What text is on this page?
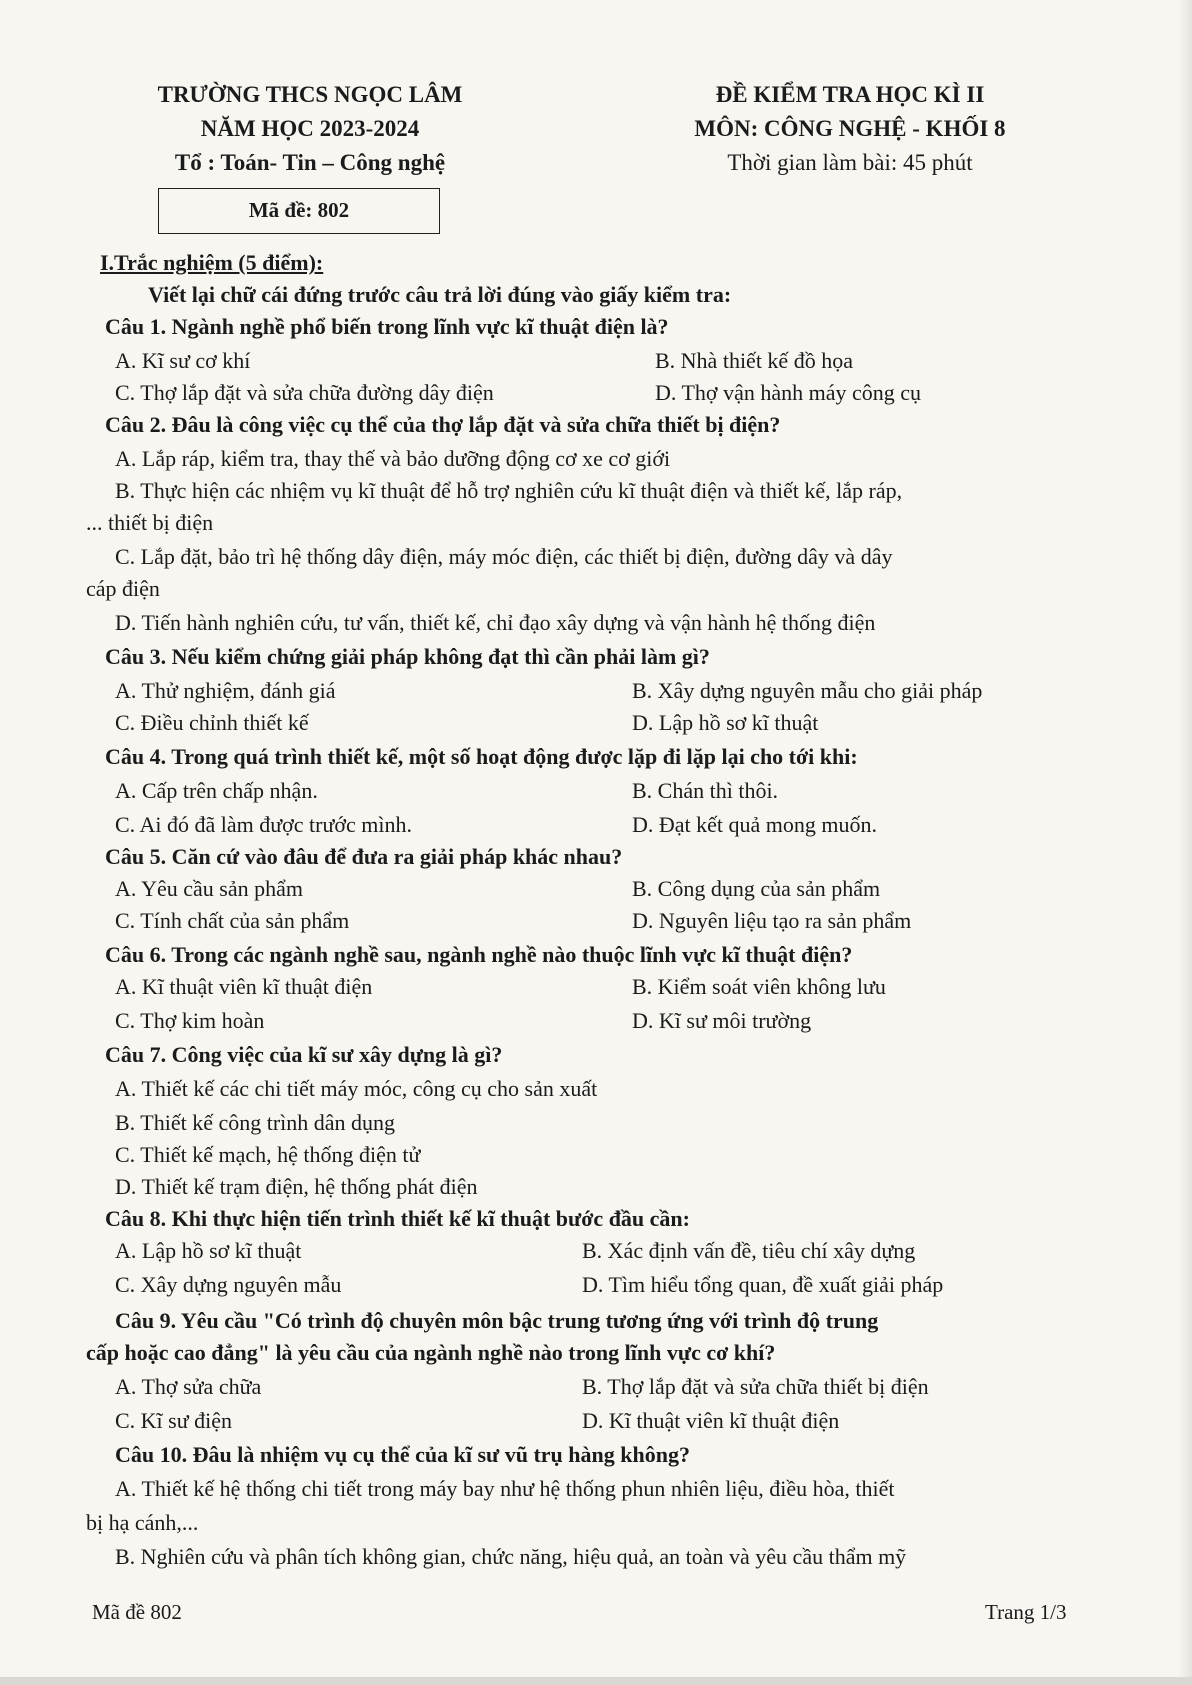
TRƯỜNG THCS NGỌC LÂM
NĂM HỌC 2023-2024
Tổ : Toán- Tin – Công nghệ
Mã đề: 802
ĐỀ KIỂM TRA HỌC KÌ II
MÔN: CÔNG NGHỆ - KHỐI 8
Thời gian làm bài: 45 phút
I.Trắc nghiệm (5 điểm):
Viết lại chữ cái đứng trước câu trả lời đúng vào giấy kiểm tra:
Câu 1. Ngành nghề phổ biến trong lĩnh vực kĩ thuật điện là?
A. Kĩ sư cơ khí	B. Nhà thiết kế đồ họa
C. Thợ lắp đặt và sửa chữa đường dây điện	D. Thợ vận hành máy công cụ
Câu 2. Đâu là công việc cụ thể của thợ lắp đặt và sửa chữa thiết bị điện?
A. Lắp ráp, kiểm tra, thay thế và bảo dưỡng động cơ xe cơ giới
B. Thực hiện các nhiệm vụ kĩ thuật để hỗ trợ nghiên cứu kĩ thuật điện và thiết kế, lắp ráp,
... thiết bị điện
C. Lắp đặt, bảo trì hệ thống dây điện, máy móc điện, các thiết bị điện, đường dây và dây
cáp điện
D. Tiến hành nghiên cứu, tư vấn, thiết kế, chỉ đạo xây dựng và vận hành hệ thống điện
Câu 3. Nếu kiểm chứng giải pháp không đạt thì cần phải làm gì?
A. Thử nghiệm, đánh giá	B. Xây dựng nguyên mẫu cho giải pháp
C. Điều chỉnh thiết kế	D. Lập hồ sơ kĩ thuật
Câu 4. Trong quá trình thiết kế, một số hoạt động được lặp đi lặp lại cho tới khi:
A. Cấp trên chấp nhận.	B. Chán thì thôi.
C. Ai đó đã làm được trước mình.	D. Đạt kết quả mong muốn.
Câu 5. Căn cứ vào đâu để đưa ra giải pháp khác nhau?
A. Yêu cầu sản phẩm	B. Công dụng của sản phẩm
C. Tính chất của sản phẩm	D. Nguyên liệu tạo ra sản phẩm
Câu 6. Trong các ngành nghề sau, ngành nghề nào thuộc lĩnh vực kĩ thuật điện?
A. Kĩ thuật viên kĩ thuật điện	B. Kiểm soát viên không lưu
C. Thợ kim hoàn	D. Kĩ sư môi trường
Câu 7. Công việc của kĩ sư xây dựng là gì?
A. Thiết kế các chi tiết máy móc, công cụ cho sản xuất
B. Thiết kế công trình dân dụng
C. Thiết kế mạch, hệ thống điện tử
D. Thiết kế trạm điện, hệ thống phát điện
Câu 8. Khi thực hiện tiến trình thiết kế kĩ thuật bước đầu cần:
A. Lập hồ sơ kĩ thuật	B. Xác định vấn đề, tiêu chí xây dựng
C. Xây dựng nguyên mẫu	D. Tìm hiểu tổng quan, đề xuất giải pháp
Câu 9. Yêu cầu "Có trình độ chuyên môn bậc trung tương ứng với trình độ trung
cấp hoặc cao đẳng" là yêu cầu của ngành nghề nào trong lĩnh vực cơ khí?
A. Thợ sửa chữa	B. Thợ lắp đặt và sửa chữa thiết bị điện
C. Kĩ sư điện	D. Kĩ thuật viên kĩ thuật điện
Câu 10. Đâu là nhiệm vụ cụ thể của kĩ sư vũ trụ hàng không?
A. Thiết kế hệ thống chi tiết trong máy bay như hệ thống phun nhiên liệu, điều hòa, thiết
bị hạ cánh,...
B. Nghiên cứu và phân tích không gian, chức năng, hiệu quả, an toàn và yêu cầu thẩm mỹ
Mã đề 802	Trang 1/3
